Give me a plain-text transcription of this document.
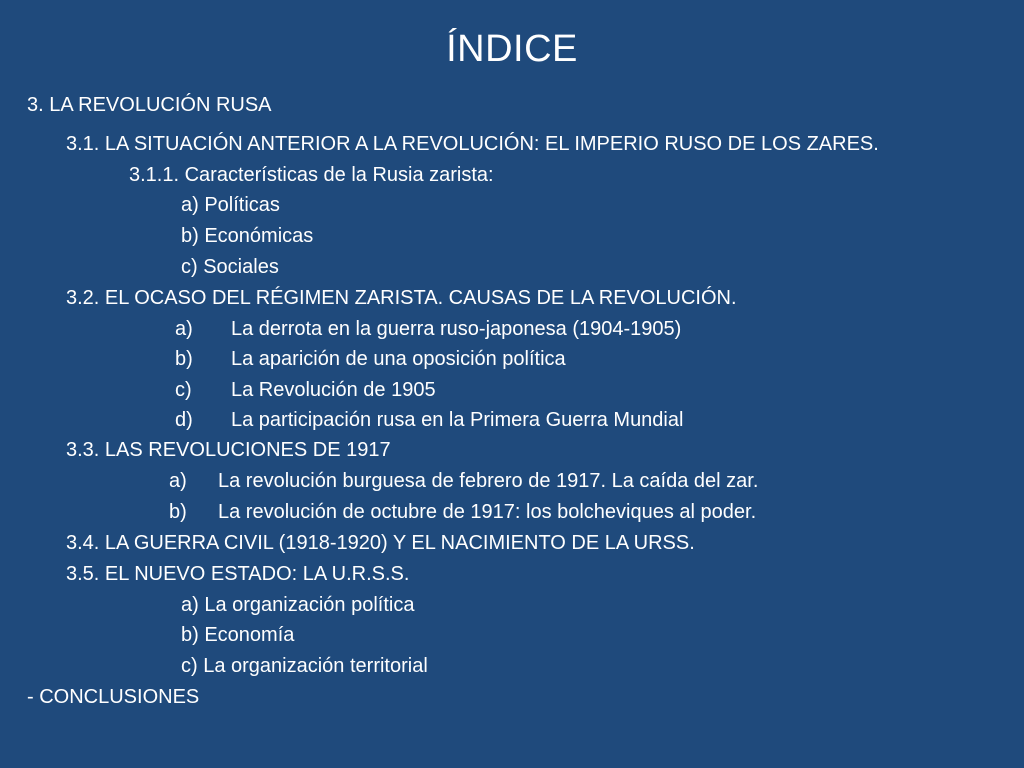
ÍNDICE
3. LA REVOLUCIÓN RUSA
3.1. LA SITUACIÓN ANTERIOR A LA REVOLUCIÓN: EL IMPERIO RUSO DE LOS ZARES.
3.1.1. Características de la Rusia zarista:
a) Políticas
b) Económicas
c) Sociales
3.2. EL OCASO DEL RÉGIMEN ZARISTA. CAUSAS DE LA REVOLUCIÓN.
a) La derrota en la guerra ruso-japonesa (1904-1905)
b) La aparición de una oposición política
c) La Revolución de 1905
d) La participación rusa en la Primera Guerra Mundial
3.3. LAS REVOLUCIONES DE 1917
a) La revolución burguesa de febrero de 1917. La caída del zar.
b) La revolución de octubre de 1917: los bolcheviques al poder.
3.4. LA GUERRA CIVIL (1918-1920) Y EL NACIMIENTO DE LA URSS.
3.5. EL NUEVO ESTADO: LA U.R.S.S.
a) La organización política
b) Economía
c) La organización territorial
- CONCLUSIONES
